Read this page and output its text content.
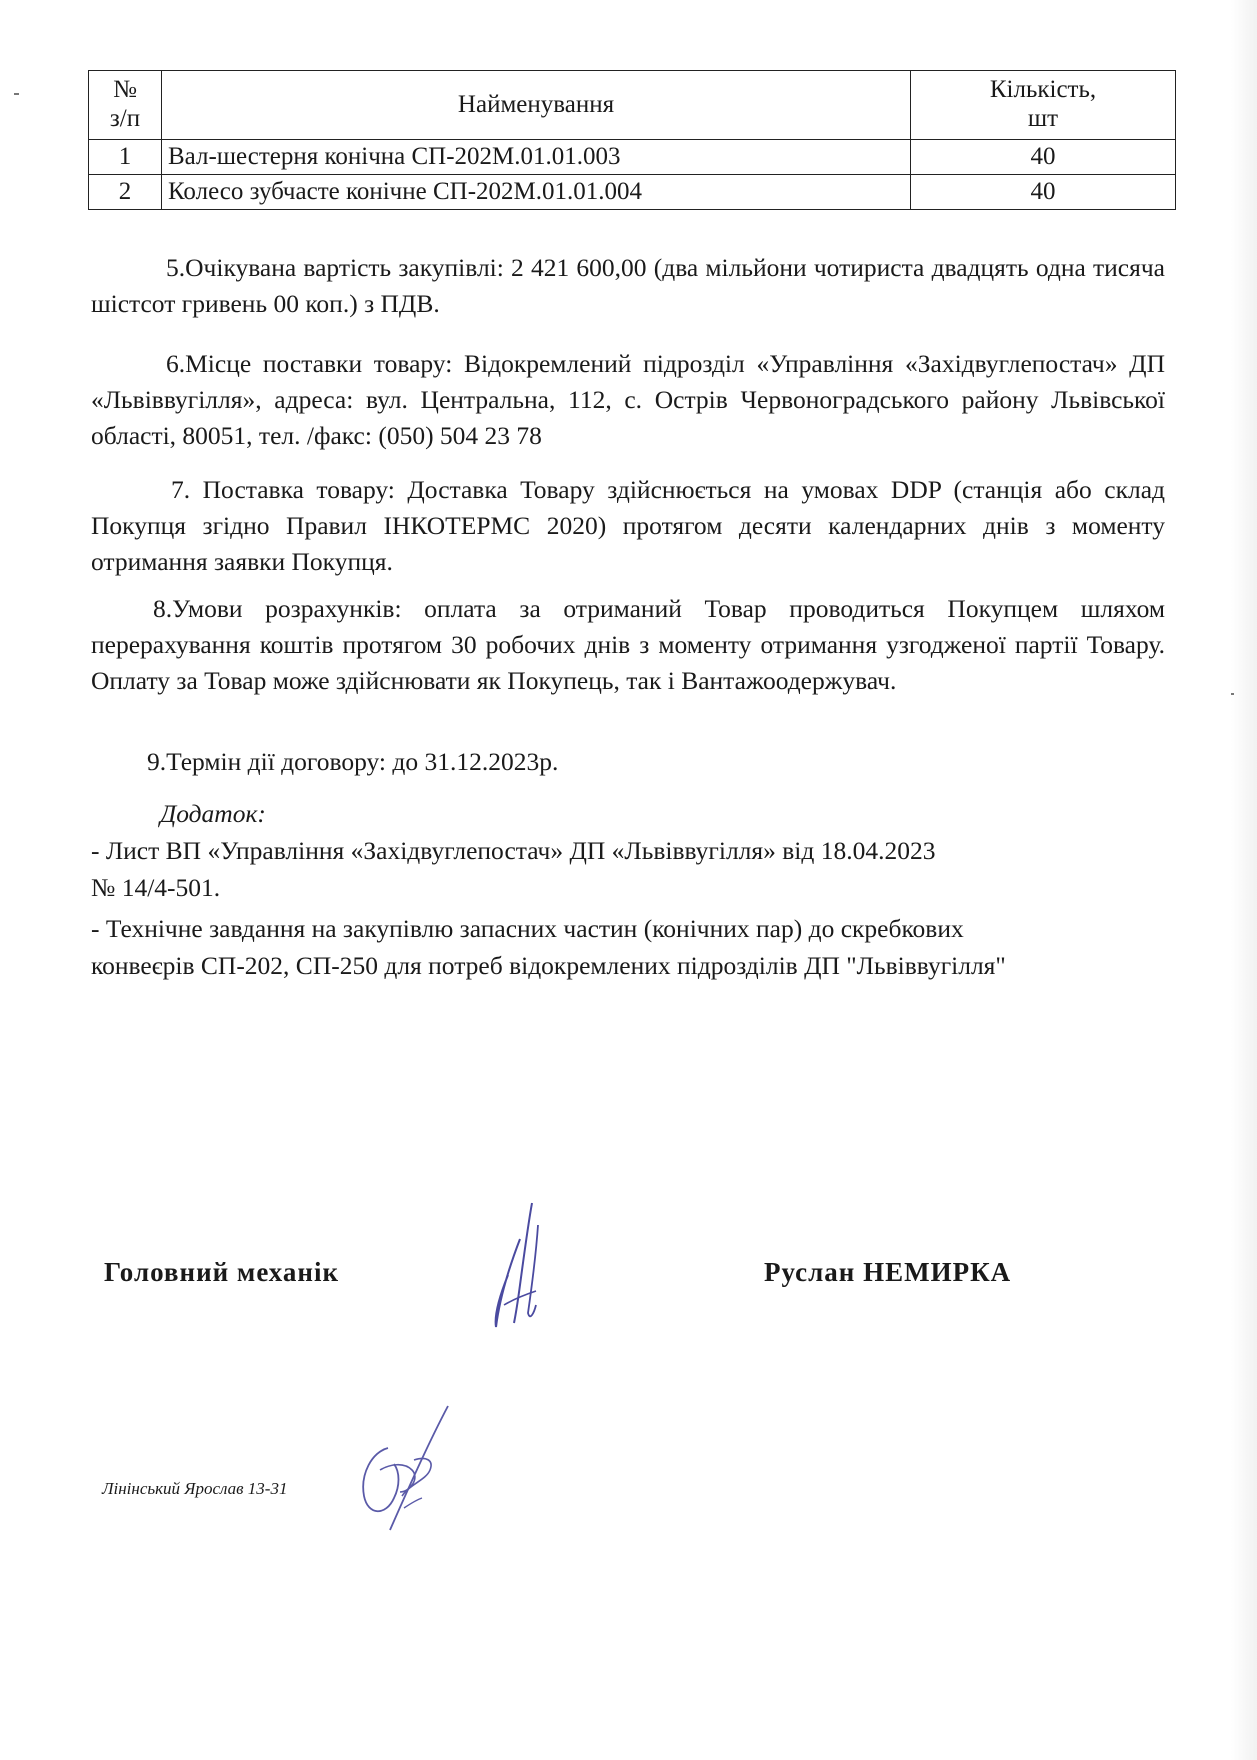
№
з/п	Найменування	Кількість,
шт
1	Вал-шестерня конічна СП-202М.01.01.003	40
2	Колесо зубчасте конічне СП-202М.01.01.004	40

5.Очікувана вартість закупівлі: 2 421 600,00 (два мільйони чотириста двадцять одна тисяча шістсот гривень 00 коп.) з ПДВ.

6.Місце поставки товару: Відокремлений підрозділ «Управління «Західвуглепостач» ДП «Львіввугілля», адреса: вул. Центральна, 112, с. Острів Червоноградського району Львівської області, 80051, тел. /факс: (050) 504 23 78

7. Поставка товару: Доставка Товару здійснюється на умовах DDP (станція або склад Покупця згідно Правил ІНКОТЕРМС 2020) протягом десяти календарних днів з моменту отримання заявки Покупця.

8.Умови розрахунків: оплата за отриманий Товар проводиться Покупцем шляхом перерахування коштів протягом 30 робочих днів з моменту отримання узгодженої партії Товару. Оплату за Товар може здійснювати як Покупець, так і Вантажоодержувач.

9.Термін дії договору: до 31.12.2023р.

Додаток:

- Лист ВП «Управління «Західвуглепостач» ДП «Львіввугілля» від 18.04.2023

№ 14/4-501.

- Технічне завдання на закупівлю запасних частин (конічних пар) до скребкових

конвеєрів СП-202, СП-250 для потреб відокремлених підрозділів ДП "Львіввугілля"

Головний механік	Руслан НЕМИРКА

Лінінський Ярослав 13-31
